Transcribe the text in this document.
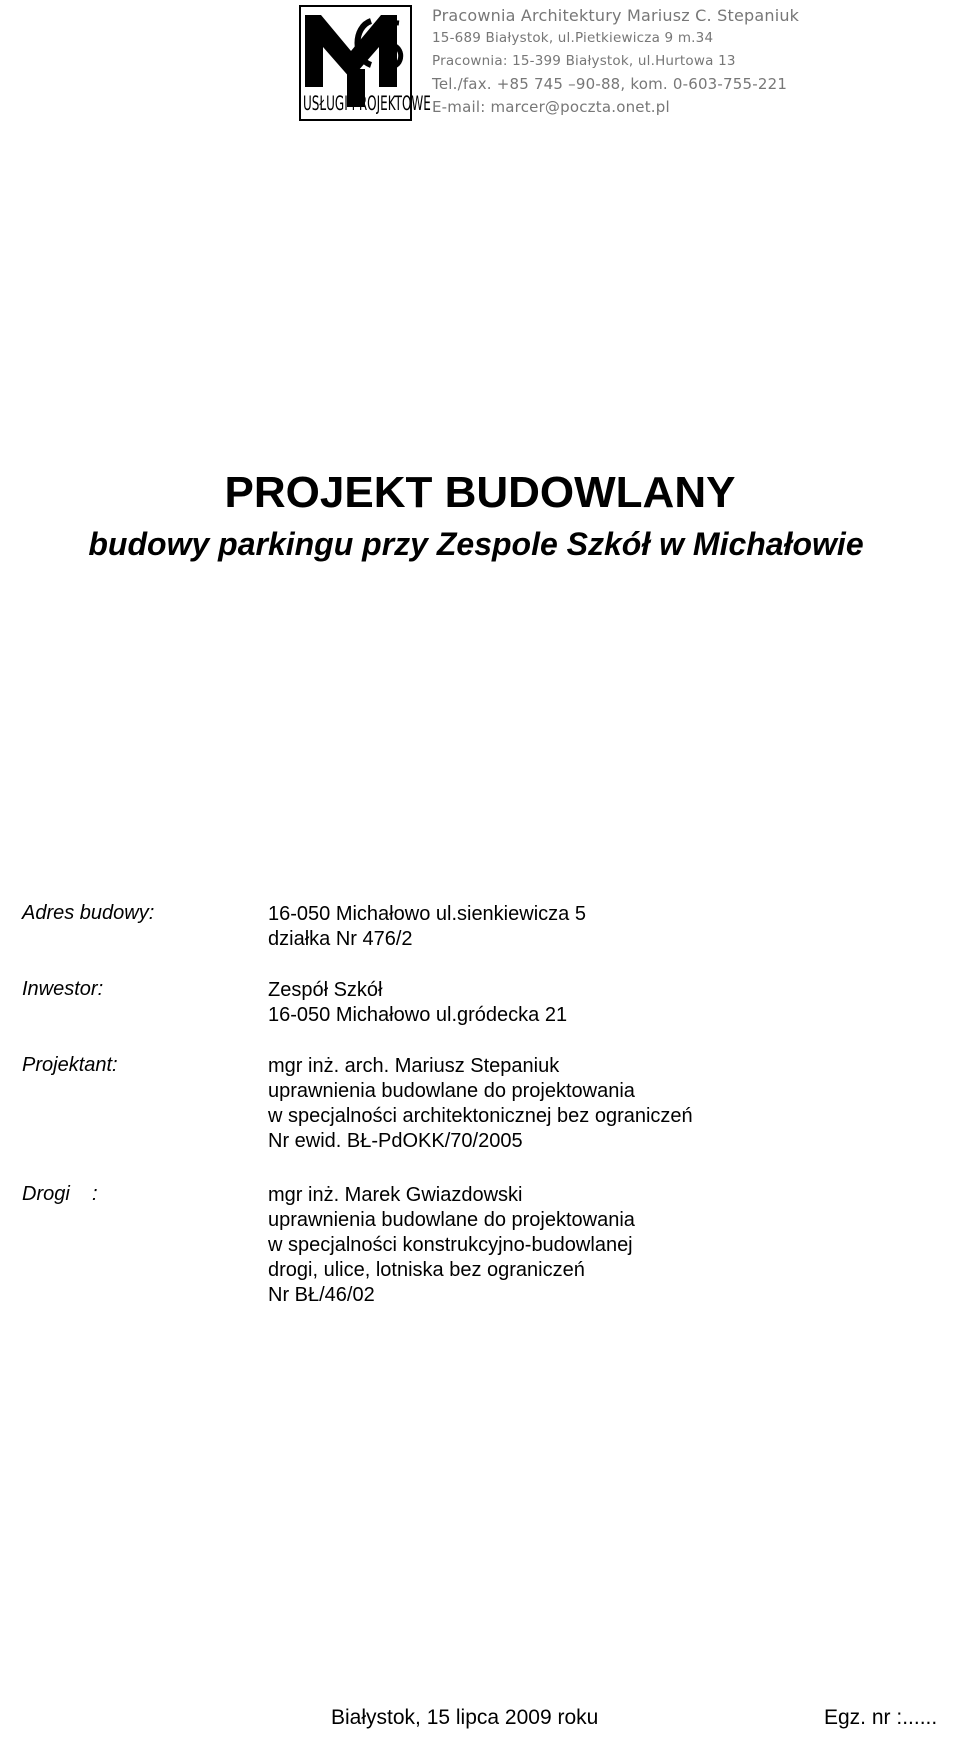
USŁUGI PROJEKTOWE
Pracownia Architektury Mariusz C. Stepaniuk
15-689 Białystok, ul.Pietkiewicza 9 m.34
Pracownia: 15-399 Białystok, ul.Hurtowa 13
Tel./fax. +85 745 –90-88, kom. 0-603-755-221
E-mail: marcer@poczta.onet.pl
PROJEKT BUDOWLANY
budowy parkingu przy Zespole Szkół w Michałowie
Adres budowy:	16-050 Michałowo ul.sienkiewicza 5
działka Nr 476/2
Inwestor:	Zespół Szkół
16-050 Michałowo ul.gródecka 21
Projektant:	mgr inż. arch. Mariusz Stepaniuk
uprawnienia budowlane do projektowania
w specjalności architektonicznej bez ograniczeń
Nr ewid. BŁ-PdOKK/70/2005
Drogi    :	mgr inż. Marek Gwiazdowski
uprawnienia budowlane do projektowania
w specjalności konstrukcyjno-budowlanej
drogi, ulice, lotniska bez ograniczeń
Nr BŁ/46/02
Białystok, 15 lipca 2009 roku	Egz. nr :......
